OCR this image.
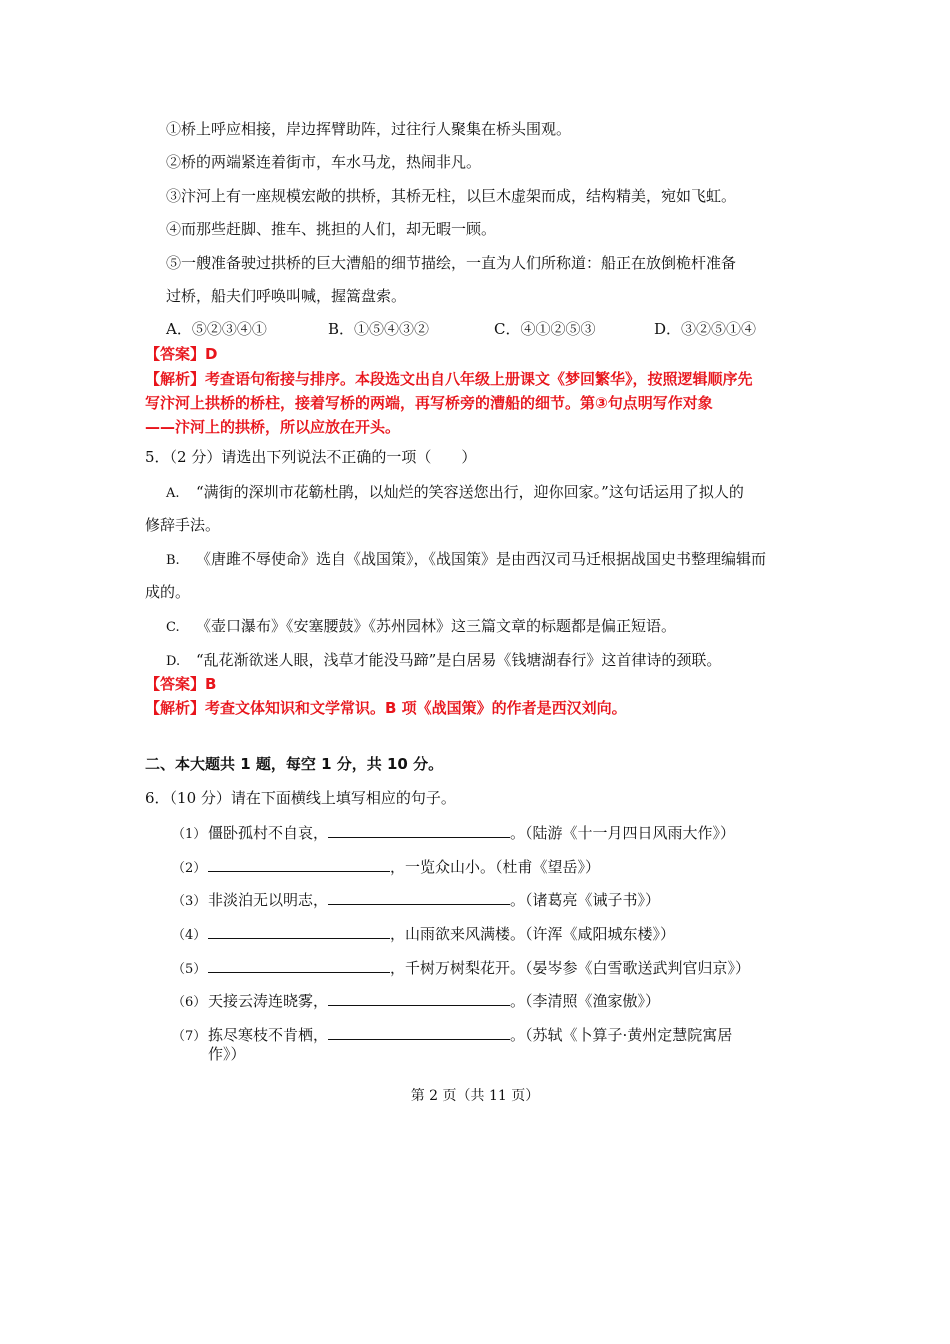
①桥上呼应相接，岸边挥臂助阵，过往行人聚集在桥头围观。
②桥的两端紧连着街市，车水马龙，热闹非凡。
③汴河上有一座规模宏敞的拱桥，其桥无柱，以巨木虚架而成，结构精美，宛如飞虹。
④而那些赶脚、推车、挑担的人们，却无暇一顾。
⑤一艘准备驶过拱桥的巨大漕船的细节描绘，一直为人们所称道：船正在放倒桅杆准备
过桥，船夫们呼唤叫喊，握篙盘索。
A．⑤②③④①	B．①⑤④③②	C．④①②⑤③	D．③②⑤①④
【答案】D
【解析】考查语句衔接与排序。本段选文出自八年级上册课文《梦回繁华》，按照逻辑顺序先
写汴河上拱桥的桥柱，接着写桥的两端，再写桥旁的漕船的细节。第③句点明写作对象
——汴河上的拱桥，所以应放在开头。
5．（2 分）请选出下列说法不正确的一项（　　）
A. “满街的深圳市花簕杜鹃，以灿烂的笑容送您出行，迎你回家。”这句话运用了拟人的
修辞手法。
B. 《唐雎不辱使命》选自《战国策》，《战国策》是由西汉司马迁根据战国史书整理编辑而
成的。
C. 《壶口瀑布》《安塞腰鼓》《苏州园林》这三篇文章的标题都是偏正短语。
D. “乱花渐欲迷人眼，浅草才能没马蹄”是白居易《钱塘湖春行》这首律诗的颈联。
【答案】B
【解析】考查文体知识和文学常识。B 项《战国策》的作者是西汉刘向。
二、本大题共 1 题，每空 1 分，共 10 分。
6．（10 分）请在下面横线上填写相应的句子。
（1） 僵卧孤村不自哀，	。（陆游《十一月四日风雨大作》）
（2）	，一览众山小。（杜甫《望岳》）
（3） 非淡泊无以明志，	。（诸葛亮《诫子书》）
（4）	，山雨欲来风满楼。（许浑《咸阳城东楼》）
（5）	，千树万树梨花开。（晏岑参《白雪歌送武判官归京》）
（6） 天接云涛连晓雾，	。（李清照《渔家傲》）
（7） 拣尽寒枝不肯栖，	。（苏轼《卜算子·黄州定慧院寓居
作》）
第 2 页（共 11 页）
